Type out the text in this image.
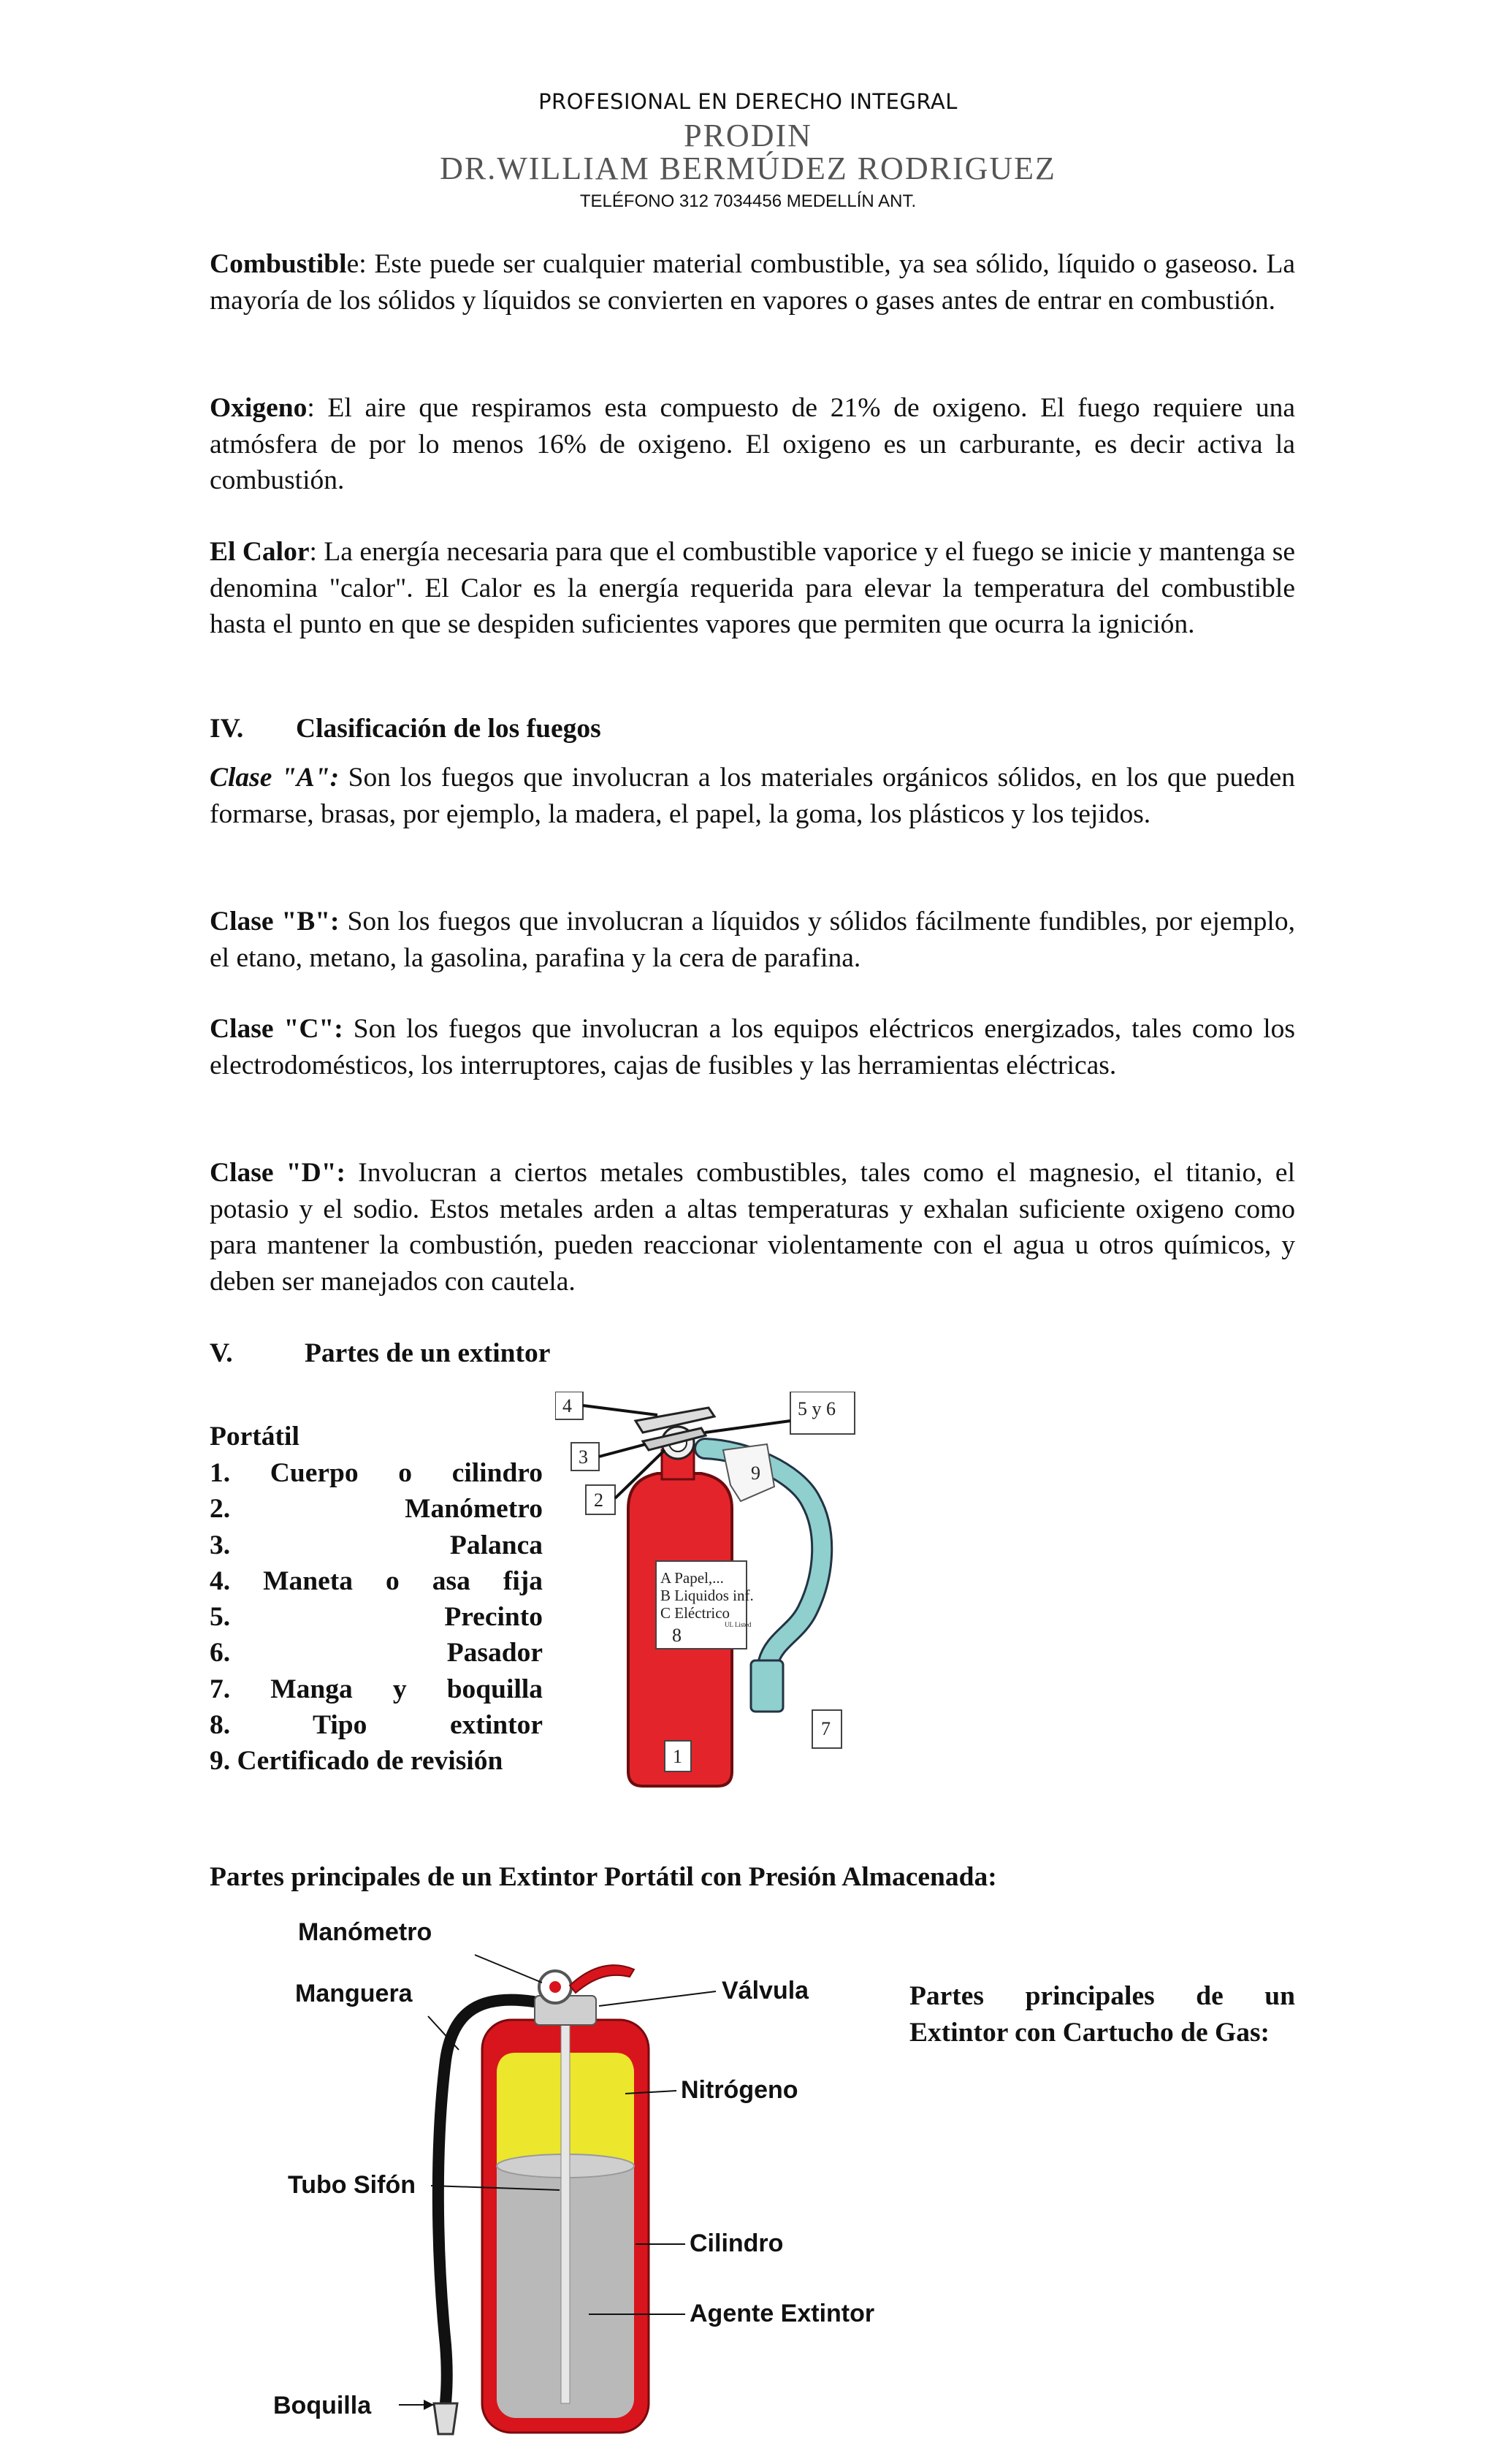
PROFESIONAL EN DERECHO INTEGRAL
PRODIN
DR.WILLIAM BERMÚDEZ RODRIGUEZ
TELÉFONO 312 7034456 MEDELLÍN ANT.

Combustible: Este puede ser cualquier material combustible, ya sea sólido, líquido o gaseoso. La mayoría de los sólidos y líquidos se convierten en vapores o gases antes de entrar en combustión.

Oxigeno: El aire que respiramos esta compuesto de 21% de oxigeno. El fuego requiere una atmósfera de por lo menos 16% de oxigeno. El oxigeno es un carburante, es decir activa la combustión.

El Calor: La energía necesaria para que el combustible vaporice y el fuego se inicie y mantenga se denomina "calor". El Calor es la energía requerida para elevar la temperatura del combustible hasta el punto en que se despiden suficientes vapores que permiten que ocurra la ignición.

IV. Clasificación de los fuegos

Clase "A": Son los fuegos que involucran a los materiales orgánicos sólidos, en los que pueden formarse, brasas, por ejemplo, la madera, el papel, la goma, los plásticos y los tejidos.

Clase "B": Son los fuegos que involucran a líquidos y sólidos fácilmente fundibles, por ejemplo, el etano, metano, la gasolina, parafina y la cera de parafina.

Clase "C": Son los fuegos que involucran a los equipos eléctricos energizados, tales como los electrodomésticos, los interruptores, cajas de fusibles y las herramientas eléctricas.

Clase "D": Involucran a ciertos metales combustibles, tales como el magnesio, el titanio, el potasio y el sodio. Estos metales arden a altas temperaturas y exhalan suficiente oxigeno como para mantener la combustión, pueden reaccionar violentamente con el agua u otros químicos, y deben ser manejados con cautela.

V.	Partes de un extintor
Portátil
1. Cuerpo o cilindro
2.	Manómetro
3.	Palanca
4. Maneta o asa fija
5.	Precinto
6.	Pasador
7. Manga y boquilla
8.	Tipo	extintor
9. Certificado de revisión
9
A Papel,...
B Liquidos inf.
C Eléctrico
UL Listed
8
1
4
3
2
5 y 6
7
Partes principales de un Extintor Portátil con Presión Almacenada:
Manómetro
Manguera	Válvula
Nitrógeno
Tubo Sifón
Cilindro
Agente Extintor
Boquilla
Partes principales de un Extintor con Cartucho de Gas:
